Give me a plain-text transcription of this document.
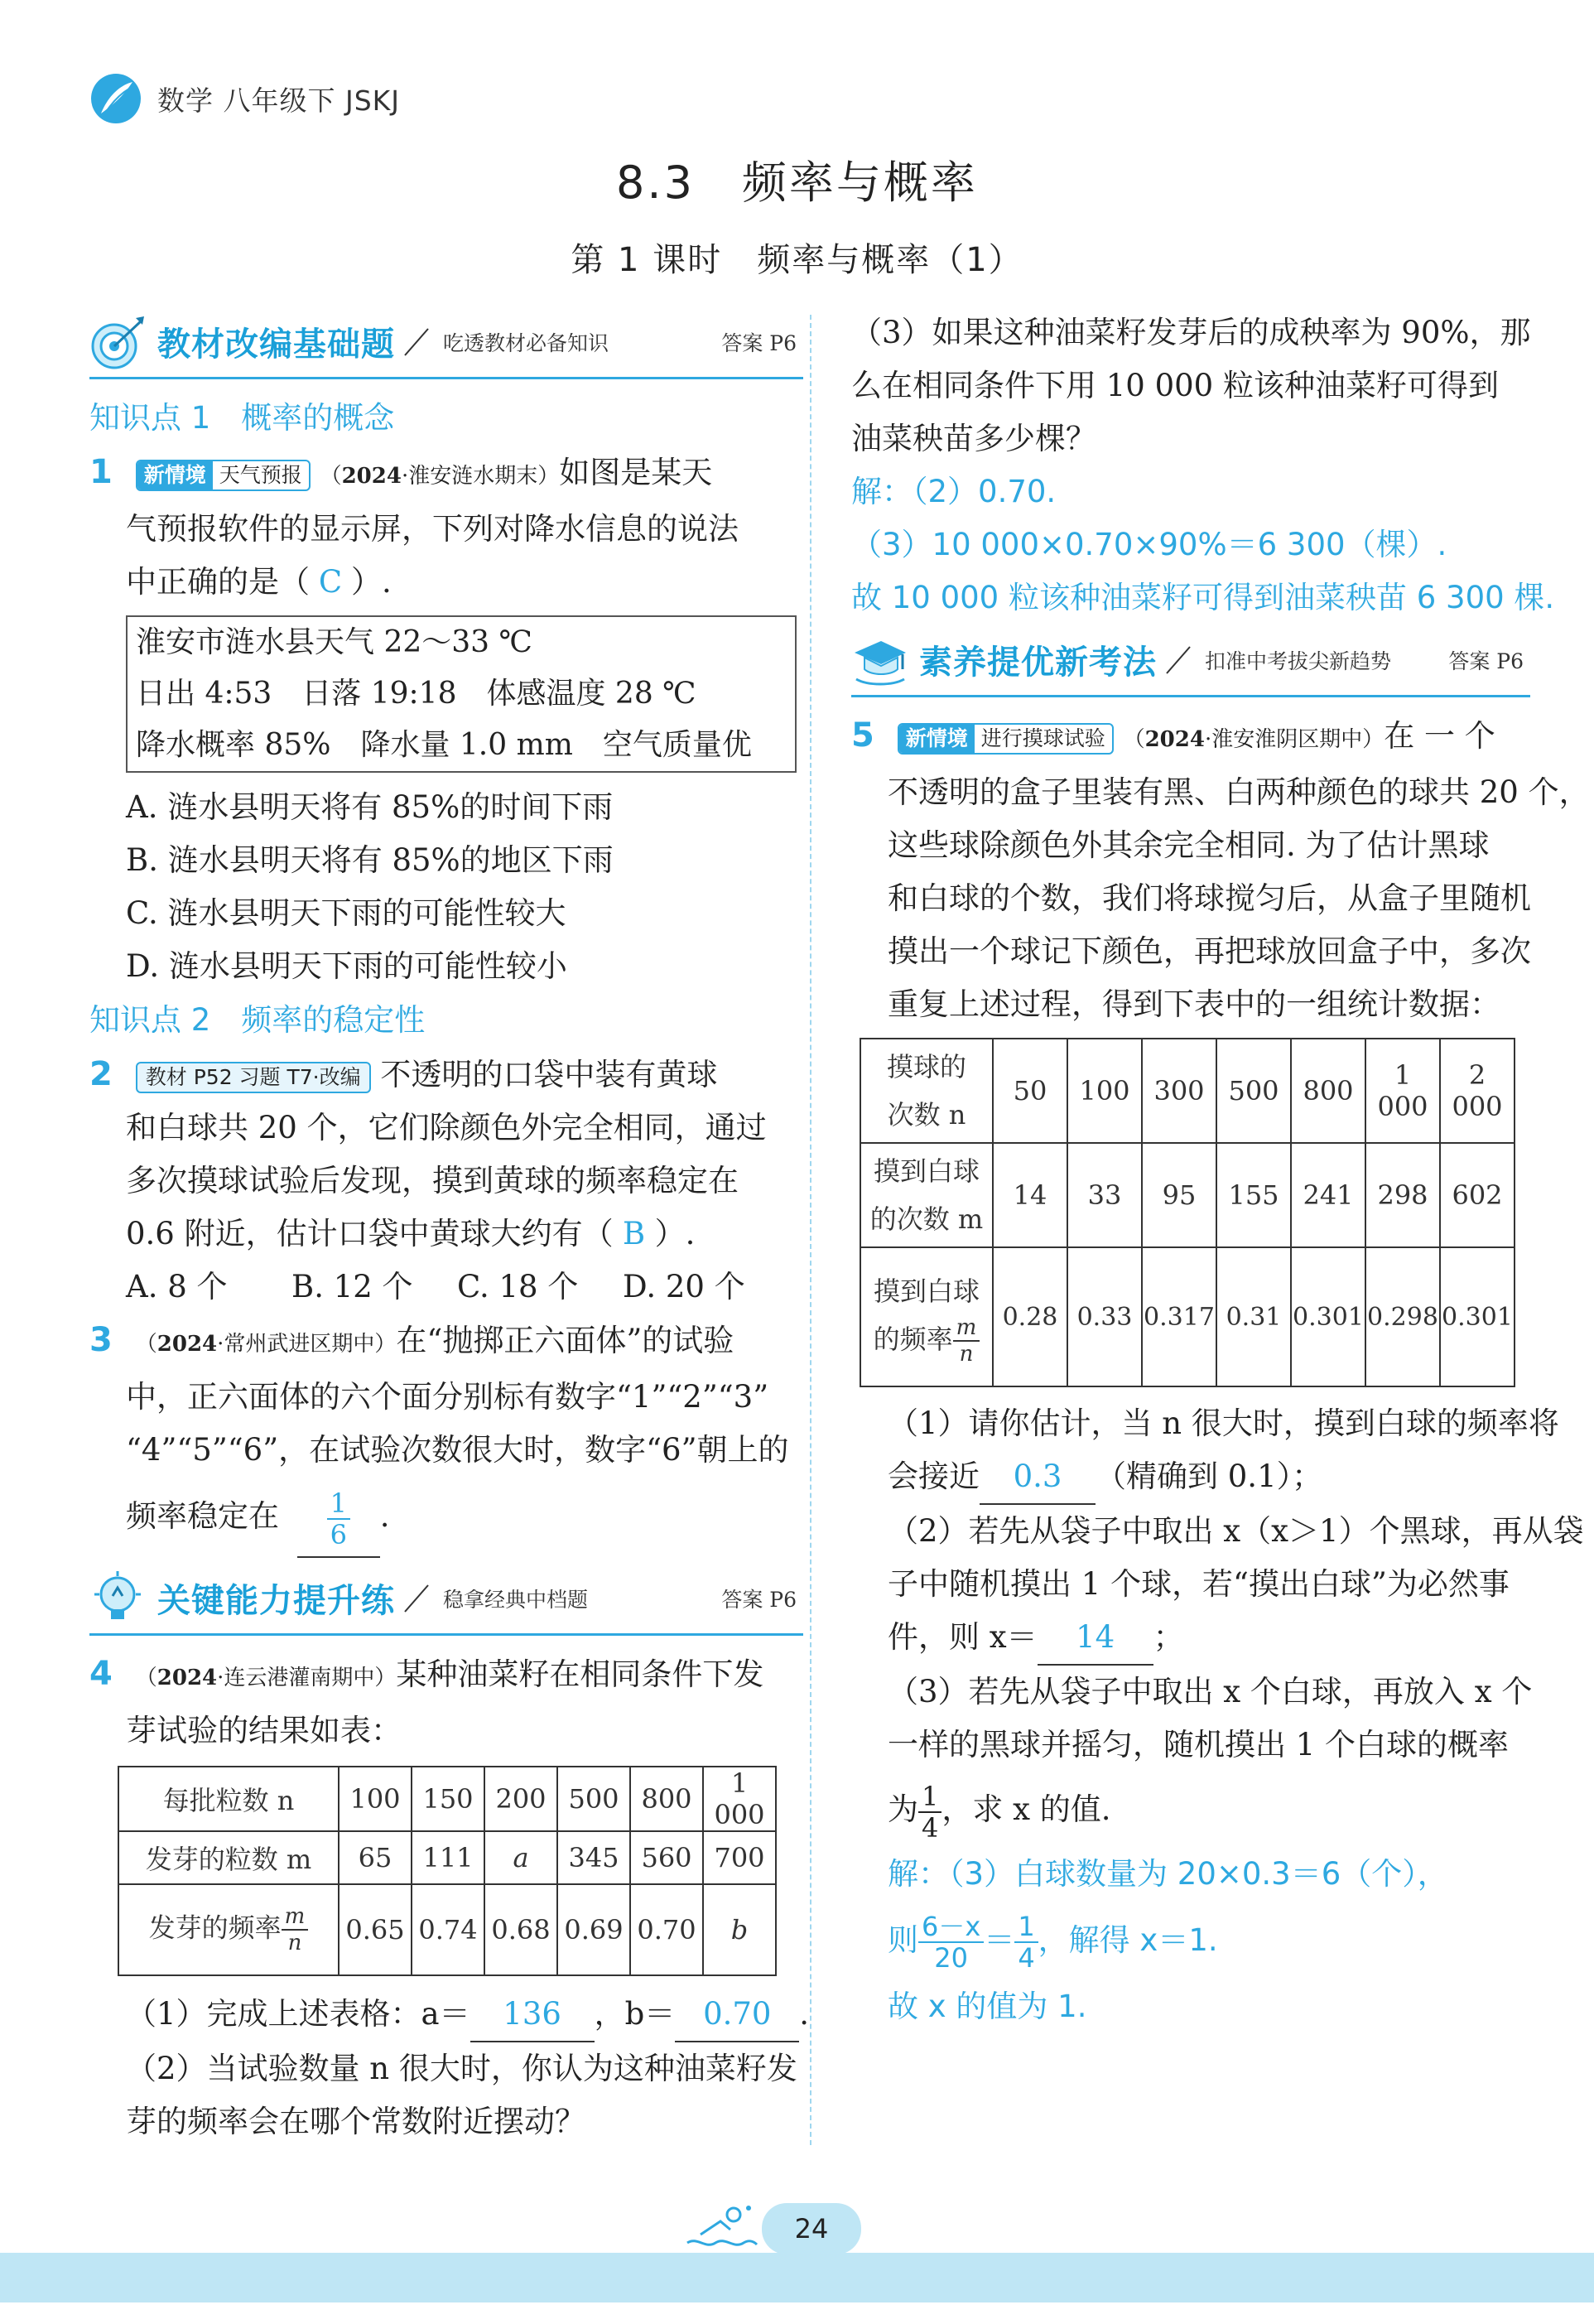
数学 八年级下 JSKJ
8.3　频率与概率
第 1 课时　频率与概率（1）
教材改编基础题 吃透教材必备知识	答案 P6
知识点 1　概率的概念
1 新情境 天气预报 （2024·淮安涟水期末）如图是某天
气预报软件的显示屏，下列对降水信息的说法
中正确的是（ C ）.
淮安市涟水县天气 22～33 ℃
日出 4:53　日落 19:18　体感温度 28 ℃
降水概率 85%　降水量 1.0 mm　空气质量优
A. 涟水县明天将有 85%的时间下雨
B. 涟水县明天将有 85%的地区下雨
C. 涟水县明天下雨的可能性较大
D. 涟水县明天下雨的可能性较小
知识点 2　频率的稳定性
2 教材 P52 习题 T7·改编 不透明的口袋中装有黄球
和白球共 20 个，它们除颜色外完全相同，通过
多次摸球试验后发现，摸到黄球的频率稳定在
0.6 附近，估计口袋中黄球大约有（ B ）.
A. 8 个 B. 12 个 C. 18 个 D. 20 个
3 （2024·常州武进区期中）在“抛掷正六面体”的试验
中，正六面体的六个面分别标有数字“1”“2”“3”
“4”“5”“6”，在试验次数很大时，数字“6”朝上的
频率稳定在 $\frac{1}{6}$ .
关键能力提升练 稳拿经典中档题	答案 P6
4 （2024·连云港灌南期中）某种油菜籽在相同条件下发
芽试验的结果如表：
每批粒数 n	100	150	200	500	800	1 000
发芽的粒数 m	65	111	a	345	560	700
发芽的频率 $\frac{m}{n}$	0.65	0.74	0.68	0.69	0.70	b
（1）完成上述表格：a＝ 136 ，b＝ 0.70 .
（2）当试验数量 n 很大时，你认为这种油菜籽发
芽的频率会在哪个常数附近摆动？
（3）如果这种油菜籽发芽后的成秧率为 90%，那
么在相同条件下用 10 000 粒该种油菜籽可得到
油菜秧苗多少棵？
解：（2）0.70.
（3）10 000×0.70×90%＝6 300（棵）.
故 10 000 粒该种油菜籽可得到油菜秧苗 6 300 棵.
素养提优新考法 扣准中考拔尖新趋势	答案 P6
5 新情境 进行摸球试验 （2024·淮安淮阴区期中）在 一 个
不透明的盒子里装有黑、白两种颜色的球共 20 个，
这些球除颜色外其余完全相同. 为了估计黑球
和白球的个数，我们将球搅匀后，从盒子里随机
摸出一个球记下颜色，再把球放回盒子中，多次
重复上述过程，得到下表中的一组统计数据：
摸球的
次数 n	50	100	300	500	800	1 000	2 000

摸到白球
的次数 m	14	33	95	155	241	298	602

摸到白球
的频率 $\frac{m}{n}$	0.28	0.33	0.317	0.31	0.301	0.298	0.301
（1）请你估计，当 n 很大时，摸到白球的频率将
会接近 0.3 （精确到 0.1）；
（2）若先从袋子中取出 x（x＞1）个黑球，再从袋
子中随机摸出 1 个球，若“摸出白球”为必然事
件，则 x＝ 14 ；
（3）若先从袋子中取出 x 个白球，再放入 x 个
一样的黑球并摇匀，随机摸出 1 个白球的概率
为 $\frac{1}{4}$ ，求 x 的值.
解：（3）白球数量为 20×0.3＝6（个），
则 $\frac{6-x}{20} = \frac{1}{4}$ ，解得 x＝1.
故 x 的值为 1.
24
